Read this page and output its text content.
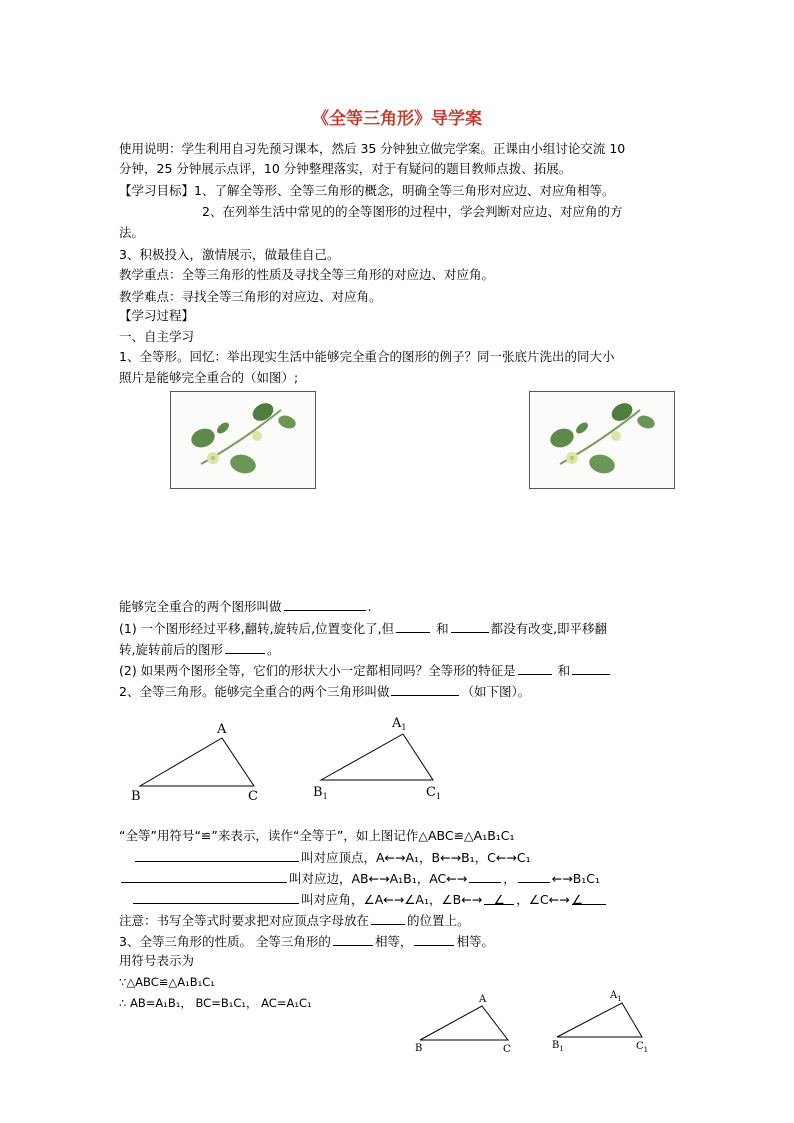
《全等三角形》导学案
使用说明：学生利用自习先预习课本，然后 35 分钟独立做完学案。正课由小组讨论交流 10
分钟，25 分钟展示点评，10 分钟整理落实，对于有疑问的题目教师点拨、拓展。
【学习目标】1、了解全等形、全等三角形的概念，明确全等三角形对应边、对应角相等。
2、在列举生活中常见的的全等图形的过程中，学会判断对应边、对应角的方
法。
3、积极投入，激情展示，做最佳自己。
教学重点：全等三角形的性质及寻找全等三角形的对应边、对应角。
教学难点：寻找全等三角形的对应边、对应角。
【学习过程】
一、自主学习
1、全等形。回忆：举出现实生活中能够完全重合的图形的例子？同一张底片洗出的同大小
照片是能够完全重合的（如图）;
能够完全重合的两个图形叫做	.
(1) 一个图形经过平移,翻转,旋转后,位置变化了,但	和	都没有改变,即平移翻
转,旋转前后的图形	。
(2) 如果两个图形全等，它们的形状大小一定都相同吗？全等形的特征是	和
2、全等三角形。能够完全重合的两个三角形叫做	（如下图）。
A
B	C
$A_1$
$B_1$	$C_1$
“全等”用符号“≌”来表示，读作“全等于”，如上图记作△ABC≌△A₁B₁C₁
叫对应顶点，A←→A₁，B←→B₁，C←→C₁
叫对应边，AB←→A₁B₁，AC←→	，	←→B₁C₁
叫对应角，∠A←→∠A₁，∠B←→ ∠ ，∠C←→ ∠
注意：书写全等式时要求把对应顶点字母放在	的位置上。
3、全等三角形的性质。 全等三角形的	相等，	相等。
用符号表示为
∵△ABC≌△A₁B₁C₁
∴ AB=A₁B₁， BC=B₁C₁， AC=A₁C₁	A
B	C
$A_1$
$B_1$	$C_1$
